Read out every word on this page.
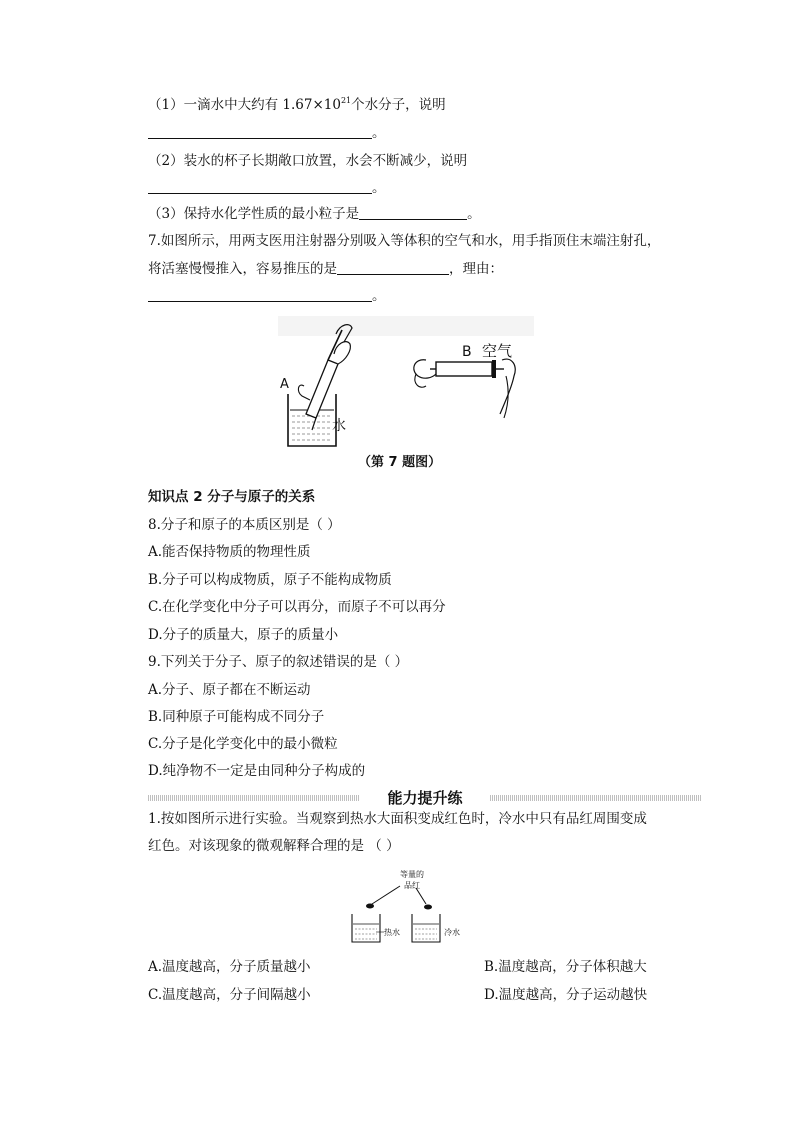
（1）一滴水中大约有 $1.67\times 10^{21}$个水分子，说明
。
（2）装水的杯子长期敞口放置，水会不断减少，说明
。
（3）保持水化学性质的最小粒子是	。
7.如图所示，用两支医用注射器分别吸入等体积的空气和水，用手指顶住末端注射孔，
将活塞慢慢推入，容易推压的是	，理由：
。
A
水
B 空气
（第 7 题图）
知识点 2 分子与原子的关系
8.分子和原子的本质区别是（ ）
A.能否保持物质的物理性质
B.分子可以构成物质，原子不能构成物质
C.在化学变化中分子可以再分，而原子不可以再分
D.分子的质量大，原子的质量小
9.下列关于分子、原子的叙述错误的是（ ）
A.分子、原子都在不断运动
B.同种原子可能构成不同分子
C.分子是化学变化中的最小微粒
D.纯净物不一定是由同种分子构成的
能力提升练
1.按如图所示进行实验。当观察到热水大面积变成红色时，冷水中只有品红周围变成
红色。对该现象的微观解释合理的是 （ ）
等量的
品红
热水	冷水
A.温度越高，分子质量越小	B.温度越高，分子体积越大
C.温度越高，分子间隔越小	D.温度越高，分子运动越快
